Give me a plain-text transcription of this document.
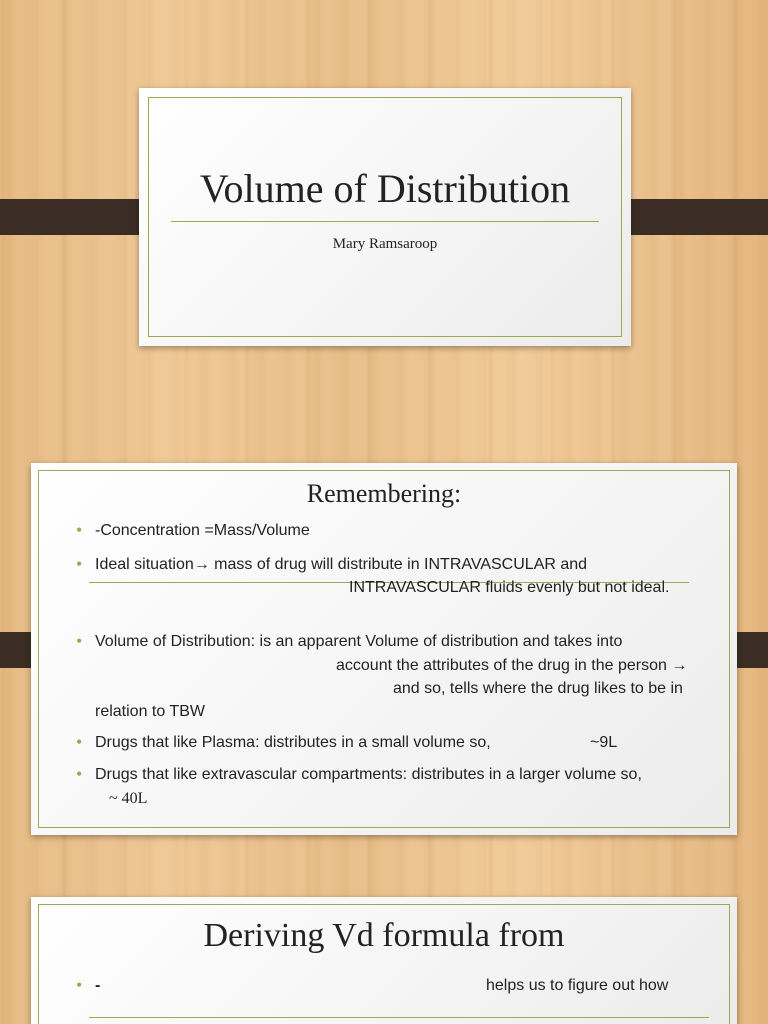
Volume of Distribution
Mary Ramsaroop
Remembering:
• -Concentration =Mass/Volume
• Ideal situation→ mass of drug will distribute in INTRAVASCULAR and
INTRAVASCULAR fluids evenly but not ideal.
• Volume of Distribution: is an apparent Volume of distribution and takes into
account the attributes of the drug in the person →
and so, tells where the drug likes to be in
relation to TBW
• Drugs that like Plasma: distributes in a small volume so,	~9L
• Drugs that like extravascular compartments: distributes in a larger volume so,
~ 40L
Deriving Vd formula from
• -	helps us to figure out how
